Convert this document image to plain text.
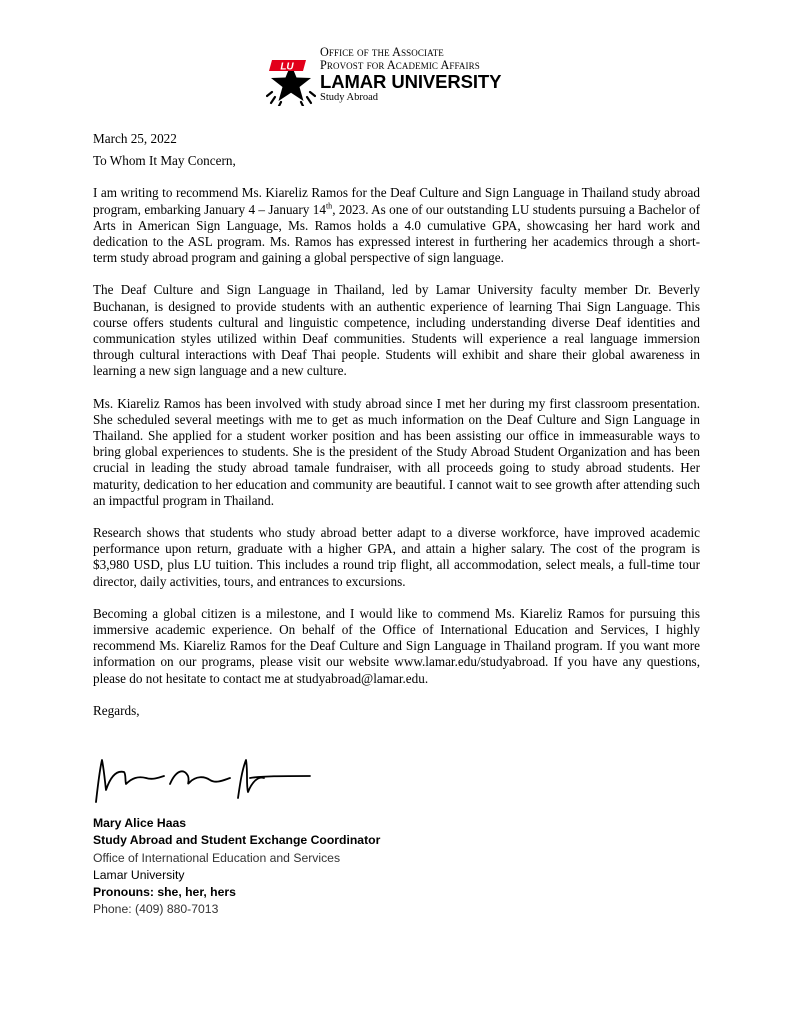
LU
Office of the Associate
Provost for Academic Affairs
LAMAR UNIVERSITY
Study Abroad

March 25, 2022

To Whom It May Concern,

I am writing to recommend Ms. Kiareliz Ramos for the Deaf Culture and Sign Language in Thailand study abroad program, embarking January 4 – January 14th, 2023. As one of our outstanding LU students pursuing a Bachelor of Arts in American Sign Language, Ms. Ramos holds a 4.0 cumulative GPA, showcasing her hard work and dedication to the ASL program. Ms. Ramos has expressed interest in furthering her academics through a short-term study abroad program and gaining a global perspective of sign language.

The Deaf Culture and Sign Language in Thailand, led by Lamar University faculty member Dr. Beverly Buchanan, is designed to provide students with an authentic experience of learning Thai Sign Language. This course offers students cultural and linguistic competence, including understanding diverse Deaf identities and communication styles utilized within Deaf communities. Students will experience a real language immersion through cultural interactions with Deaf Thai people. Students will exhibit and share their global awareness in learning a new sign language and a new culture.

Ms. Kiareliz Ramos has been involved with study abroad since I met her during my first classroom presentation. She scheduled several meetings with me to get as much information on the Deaf Culture and Sign Language in Thailand. She applied for a student worker position and has been assisting our office in immeasurable ways to bring global experiences to students. She is the president of the Study Abroad Student Organization and has been crucial in leading the study abroad tamale fundraiser, with all proceeds going to study abroad students. Her maturity, dedication to her education and community are beautiful. I cannot wait to see growth after attending such an impactful program in Thailand.

Research shows that students who study abroad better adapt to a diverse workforce, have improved academic performance upon return, graduate with a higher GPA, and attain a higher salary. The cost of the program is $3,980 USD, plus LU tuition. This includes a round trip flight, all accommodation, select meals, a full-time tour director, daily activities, tours, and entrances to excursions.

Becoming a global citizen is a milestone, and I would like to commend Ms. Kiareliz Ramos for pursuing this immersive academic experience. On behalf of the Office of International Education and Services, I highly recommend Ms. Kiareliz Ramos for the Deaf Culture and Sign Language in Thailand program. If you want more information on our programs, please visit our website www.lamar.edu/studyabroad. If you have any questions, please do not hesitate to contact me at studyabroad@lamar.edu.

Regards,

Mary Alice Haas
Study Abroad and Student Exchange Coordinator
Office of International Education and Services
Lamar University
Pronouns: she, her, hers
Phone: (409) 880-7013
